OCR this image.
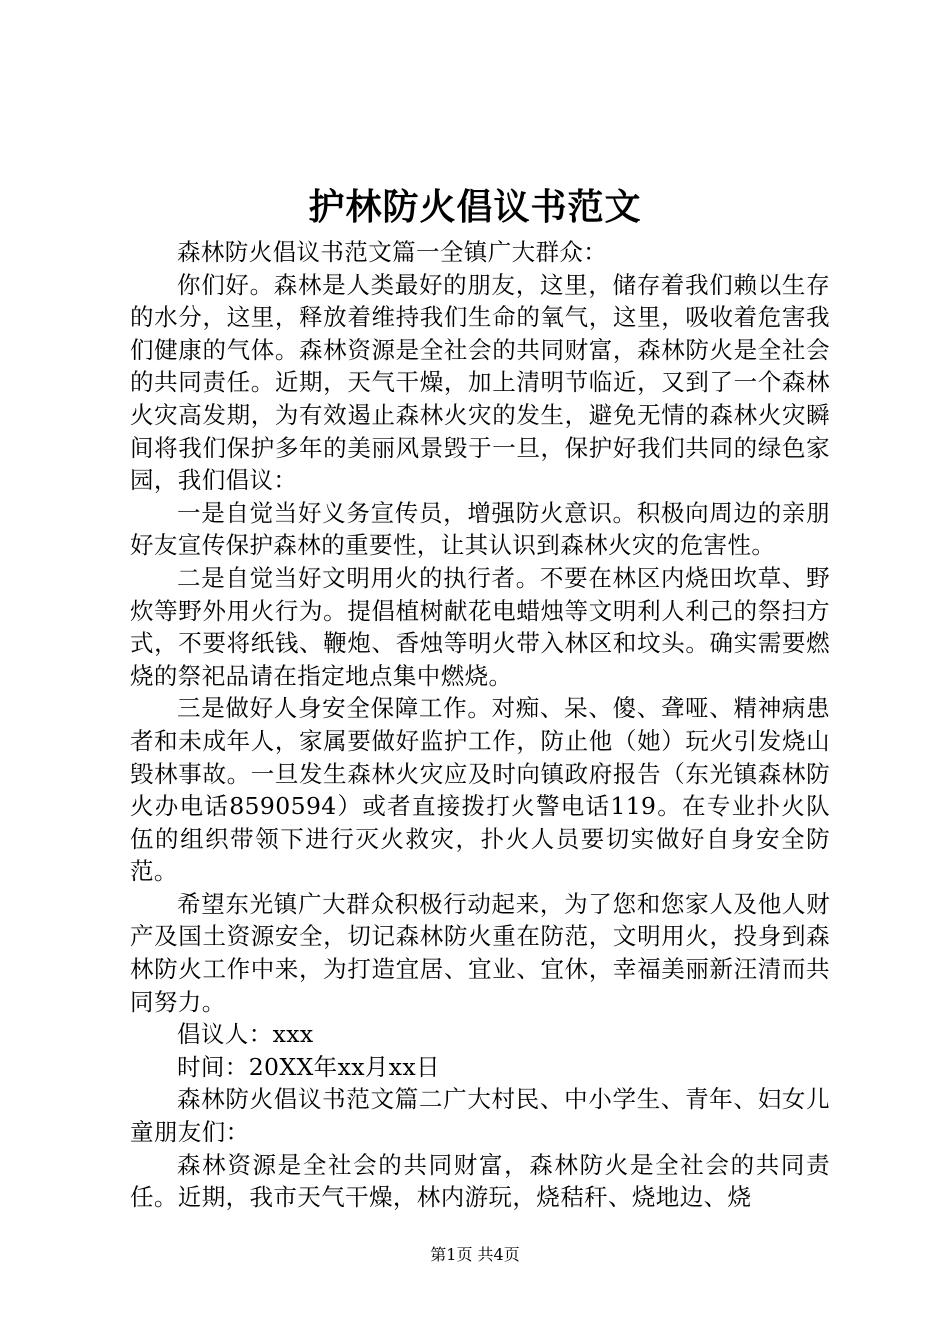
护林防火倡议书范文

森林防火倡议书范文篇一全镇广大群众：

你们好。森林是人类最好的朋友，这里，储存着我们赖以生存的水分，这里，释放着维持我们生命的氧气，这里，吸收着危害我们健康的气体。森林资源是全社会的共同财富，森林防火是全社会的共同责任。近期，天气干燥，加上清明节临近，又到了一个森林火灾高发期，为有效遏止森林火灾的发生，避免无情的森林火灾瞬间将我们保护多年的美丽风景毁于一旦，保护好我们共同的绿色家园，我们倡议：

一是自觉当好义务宣传员，增强防火意识。积极向周边的亲朋好友宣传保护森林的重要性，让其认识到森林火灾的危害性。

二是自觉当好文明用火的执行者。不要在林区内烧田坎草、野炊等野外用火行为。提倡植树献花电蜡烛等文明利人利己的祭扫方式，不要将纸钱、鞭炮、香烛等明火带入林区和坟头。确实需要燃烧的祭祀品请在指定地点集中燃烧。

三是做好人身安全保障工作。对痴、呆、傻、聋哑、精神病患者和未成年人，家属要做好监护工作，防止他（她）玩火引发烧山毁林事故。一旦发生森林火灾应及时向镇政府报告（东光镇森林防火办电话8590594）或者直接拨打火警电话119。在专业扑火队伍的组织带领下进行灭火救灾，扑火人员要切实做好自身安全防范。

希望东光镇广大群众积极行动起来，为了您和您家人及他人财产及国土资源安全，切记森林防火重在防范，文明用火，投身到森林防火工作中来，为打造宜居、宜业、宜休，幸福美丽新汪清而共同努力。

倡议人：xxx

时间：20XX年xx月xx日

森林防火倡议书范文篇二广大村民、中小学生、青年、妇女儿童朋友们：

森林资源是全社会的共同财富，森林防火是全社会的共同责任。近期，我市天气干燥，林内游玩，烧秸秆、烧地边、烧

第1页 共4页
